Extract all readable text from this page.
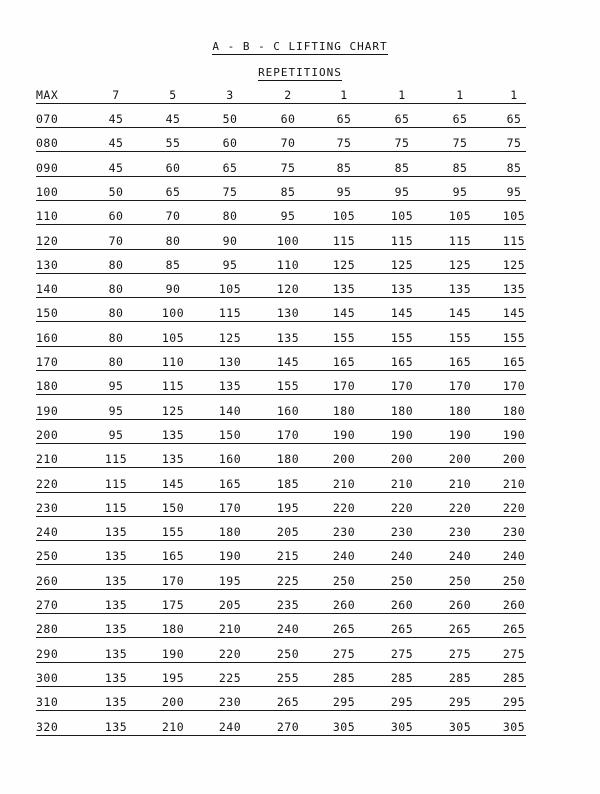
A - B - C LIFTING CHART
REPETITIONS
MAX	7	5	3	2	1	1	1	1
070	45	45	50	60	65	65	65	65
080	45	55	60	70	75	75	75	75
090	45	60	65	75	85	85	85	85
100	50	65	75	85	95	95	95	95
110	60	70	80	95	105	105	105	105
120	70	80	90	100	115	115	115	115
130	80	85	95	110	125	125	125	125
140	80	90	105	120	135	135	135	135
150	80	100	115	130	145	145	145	145
160	80	105	125	135	155	155	155	155
170	80	110	130	145	165	165	165	165
180	95	115	135	155	170	170	170	170
190	95	125	140	160	180	180	180	180
200	95	135	150	170	190	190	190	190
210	115	135	160	180	200	200	200	200
220	115	145	165	185	210	210	210	210
230	115	150	170	195	220	220	220	220
240	135	155	180	205	230	230	230	230
250	135	165	190	215	240	240	240	240
260	135	170	195	225	250	250	250	250
270	135	175	205	235	260	260	260	260
280	135	180	210	240	265	265	265	265
290	135	190	220	250	275	275	275	275
300	135	195	225	255	285	285	285	285
310	135	200	230	265	295	295	295	295
320	135	210	240	270	305	305	305	305
